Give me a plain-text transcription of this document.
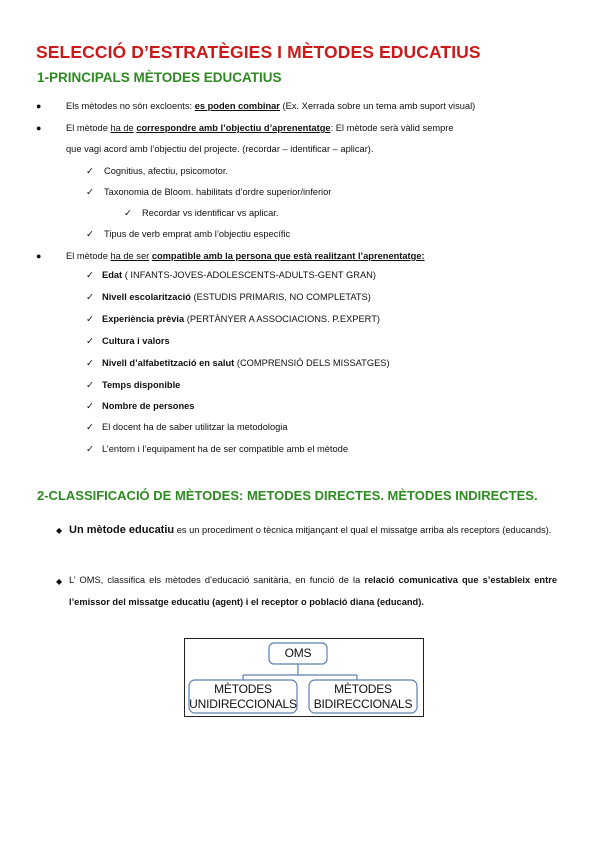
SELECCIÓ D’ESTRATÈGIES I MÈTODES EDUCATIUS
1-PRINCIPALS MÈTODES EDUCATIUS
●	Els mètodes no són excloents: es poden combinar (Ex. Xerrada sobre un tema amb suport visual)
●	El mètode ha de correspondre amb l’objectiu d’aprenentatge: El mètode serà vàlid sempre
que vagi acord amb l’objectiu del projecte. (recordar – identificar – aplicar).
✓ Cognitius, afectiu, psicomotor.
✓ Taxonomia de Bloom. habilitats d’ordre superior/inferior
✓ Recordar vs identificar vs aplicar.
✓ Tipus de verb emprat amb l’objectiu específic
●	El mètode ha de ser compatible amb la persona que està realitzant l’aprenentatge:
✓ Edat ( INFANTS-JOVES-ADOLESCENTS-ADULTS-GENT GRAN)
✓ Nivell escolarització (ESTUDIS PRIMARIS, NO COMPLETATS)
✓ Experiència prèvia (PERTÀNYER A ASSOCIACIONS. P.EXPERT)
✓ Cultura i valors
✓ Nivell d’alfabetització en salut (COMPRENSIÓ DELS MISSATGES)
✓ Temps disponible
✓ Nombre de persones
✓ El docent ha de saber utilitzar la metodologia
✓ L’entorn i l’equipament ha de ser compatible amb el mètode
2-CLASSIFICACIÓ DE MÈTODES: METODES DIRECTES. MÈTODES INDIRECTES.
◆ Un mètode educatiu es un procediment o tècnica mitjançant el qual el missatge arriba als receptors (educands).
◆ L’ OMS, classifica els mètodes d’educació sanitària, en funció de la relació comunicativa que s’estableix entre l’emissor del missatge educatiu (agent) i el receptor o població diana (educand).
OMS
MÈTODES
UNIDIRECCIONALS
MÈTODES
BIDIRECCIONALS
